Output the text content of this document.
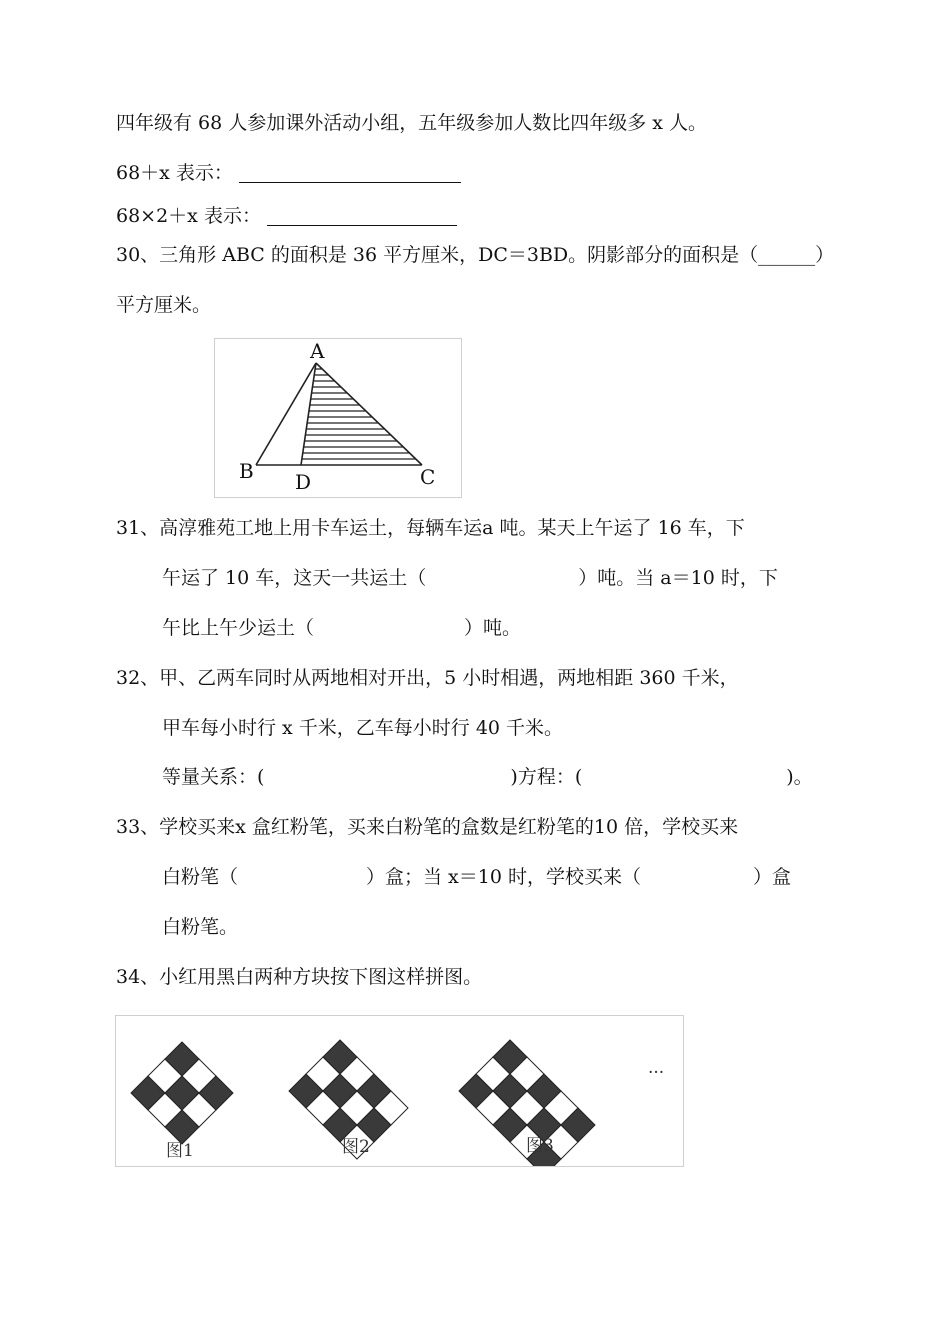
四年级有 68 人参加课外活动小组，五年级参加人数比四年级多 x 人。
68＋x 表示：
68×2＋x 表示：
30、三角形 ABC 的面积是 36 平方厘米，DC＝3BD。阴影部分的面积是（______）
平方厘米。
A
B D	C
31、高淳雅苑工地上用卡车运土，每辆车运a 吨。某天上午运了 16 车，下
午运了 10 车，这天一共运土（	）吨。当 a＝10 时，下
午比上午少运土（	）吨。
32、甲、乙两车同时从两地相对开出，5 小时相遇，两地相距 360 千米，
甲车每小时行 x 千米，乙车每小时行 40 千米。
等量关系：(	)方程：(	)。
33、学校买来x 盒红粉笔，买来白粉笔的盒数是红粉笔的10 倍，学校买来
白粉笔（	）盒；当 x＝10 时，学校买来（	）盒
白粉笔。
34、小红用黑白两种方块按下图这样拼图。
图1	图2	图3
···
